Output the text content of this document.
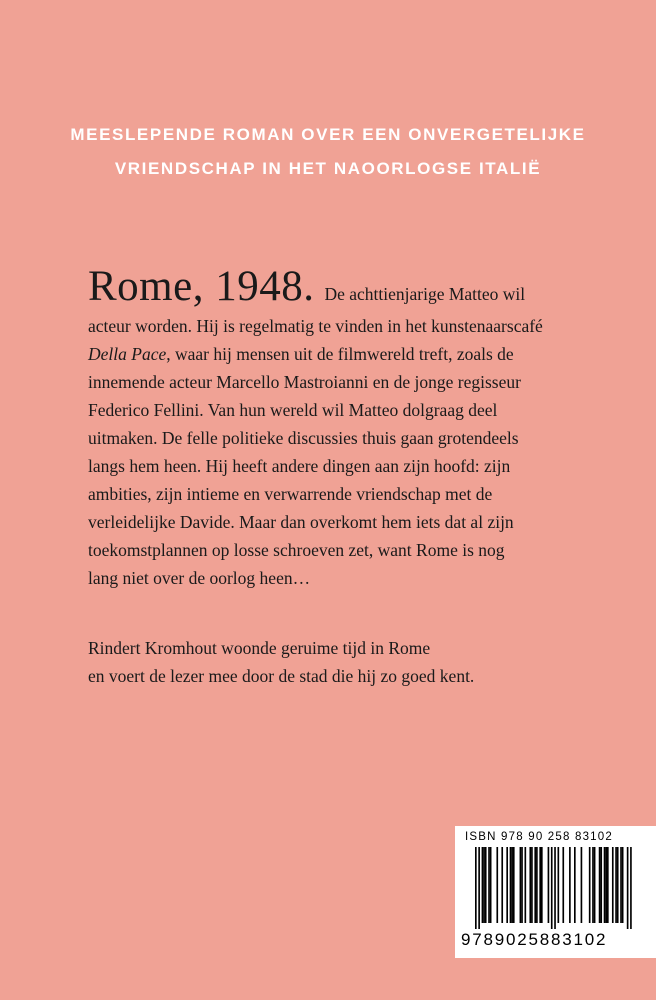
MEESLEPENDE ROMAN OVER EEN ONVERGETELIJKE
VRIENDSCHAP IN HET NAOORLOGSE ITALIË
Rome, 1948. De achttienjarige Matteo wil
acteur worden. Hij is regelmatig te vinden in het kunstenaarscafé
Della Pace, waar hij mensen uit de filmwereld treft, zoals de
innemende acteur Marcello Mastroianni en de jonge regisseur
Federico Fellini. Van hun wereld wil Matteo dolgraag deel
uitmaken. De felle politieke discussies thuis gaan grotendeels
langs hem heen. Hij heeft andere dingen aan zijn hoofd: zijn
ambities, zijn intieme en verwarrende vriendschap met de
verleidelijke Davide. Maar dan overkomt hem iets dat al zijn
toekomstplannen op losse schroeven zet, want Rome is nog
lang niet over de oorlog heen…
Rindert Kromhout woonde geruime tijd in Rome
en voert de lezer mee door de stad die hij zo goed kent.
ISBN 978 90 258 83102
9789025883102
